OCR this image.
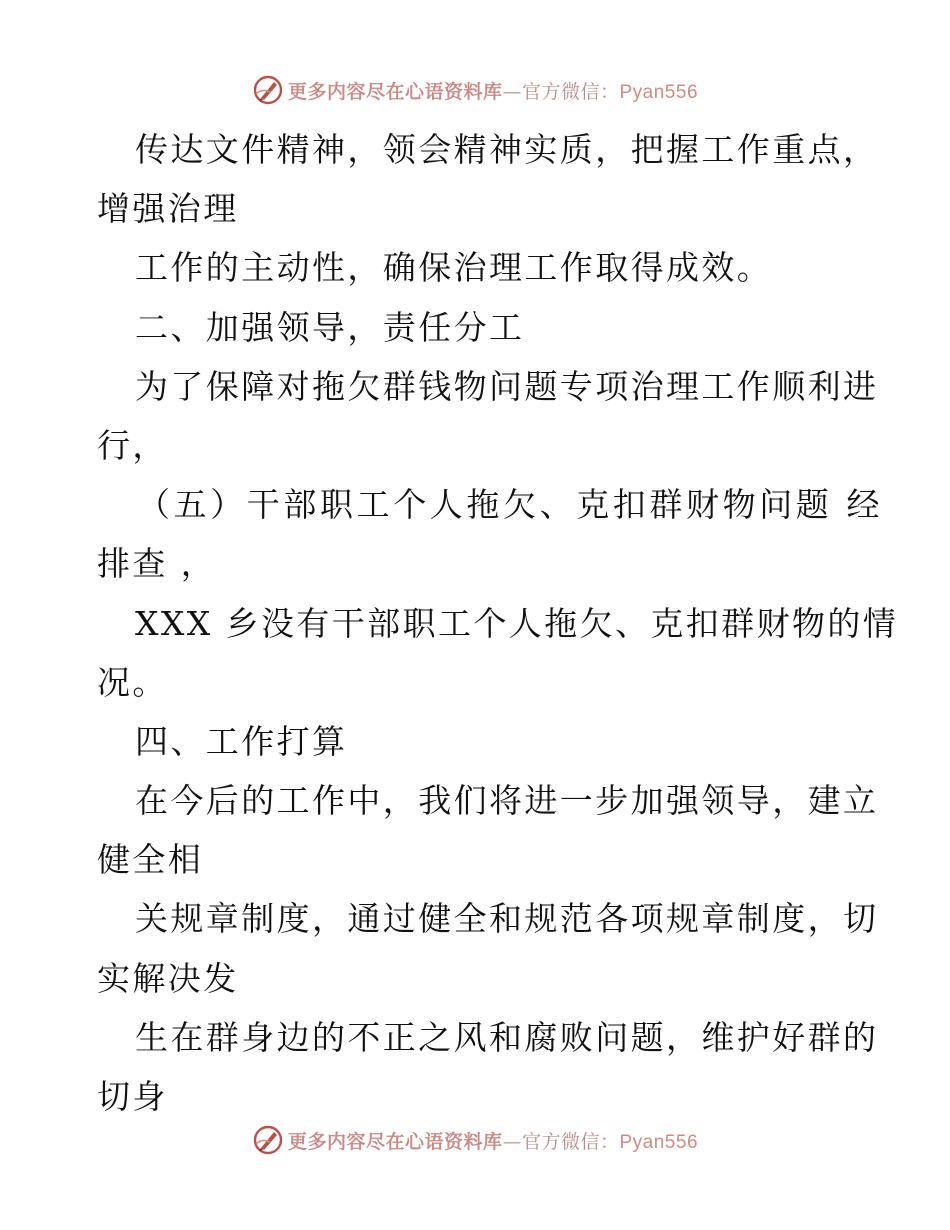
更多内容尽在心语资料库—官方微信：Pyan556
传达文件精神，领会精神实质，把握工作重点，
增强治理
工作的主动性，确保治理工作取得成效。
二、加强领导，责任分工
为了保障对拖欠群钱物问题专项治理工作顺利进
行，
（五）干部职工个人拖欠、克扣群财物问题 经
排查 ，
XXX 乡没有干部职工个人拖欠、克扣群财物的情
况。
四、工作打算
在今后的工作中，我们将进一步加强领导，建立
健全相
关规章制度，通过健全和规范各项规章制度，切
实解决发
生在群身边的不正之风和腐败问题，维护好群的
切身
更多内容尽在心语资料库—官方微信：Pyan556
